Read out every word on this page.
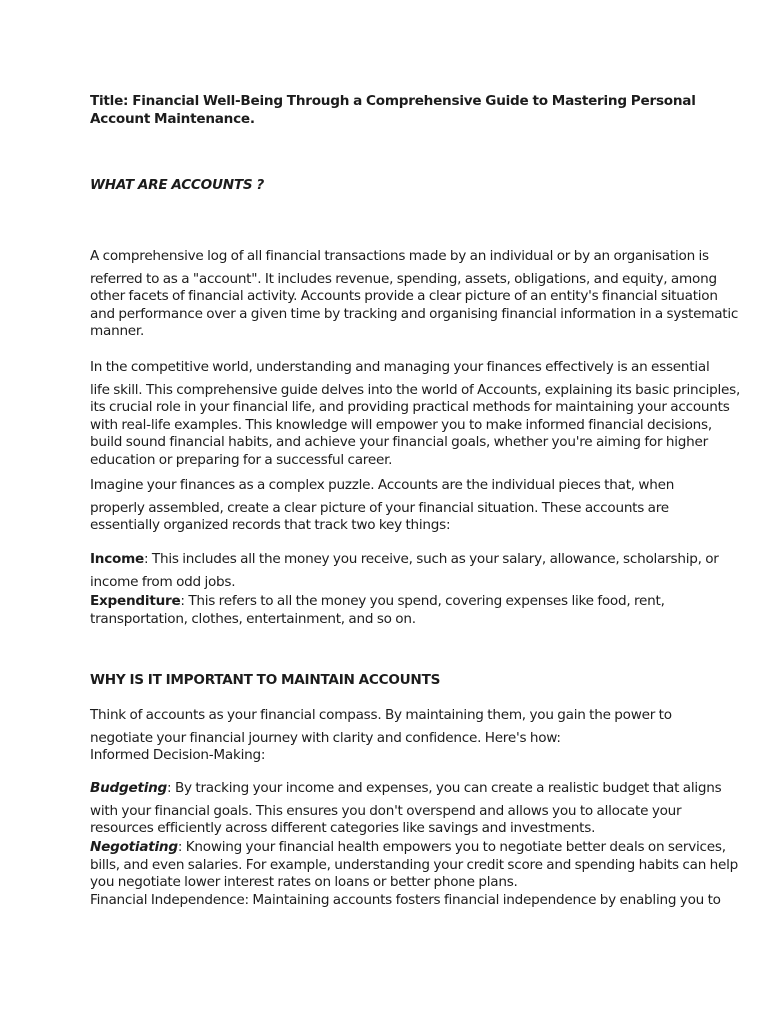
Title: Financial Well-Being Through a Comprehensive Guide to Mastering Personal Account Maintenance.

WHAT ARE ACCOUNTS ?

A comprehensive log of all financial transactions made by an individual or by an organisation is
referred to as a "account". It includes revenue, spending, assets, obligations, and equity, among other facets of financial activity. Accounts provide a clear picture of an entity's financial situation and performance over a given time by tracking and organising financial information in a systematic manner.

In the competitive world, understanding and managing your finances effectively is an essential
life skill. This comprehensive guide delves into the world of Accounts, explaining its basic principles, its crucial role in your financial life, and providing practical methods for maintaining your accounts with real-life examples. This knowledge will empower you to make informed financial decisions, build sound financial habits, and achieve your financial goals, whether you're aiming for higher education or preparing for a successful career.

Imagine your finances as a complex puzzle. Accounts are the individual pieces that, when
properly assembled, create a clear picture of your financial situation. These accounts are essentially organized records that track two key things:

Income: This includes all the money you receive, such as your salary, allowance, scholarship, or
income from odd jobs.

Expenditure: This refers to all the money you spend, covering expenses like food, rent, transportation, clothes, entertainment, and so on.

WHY IS IT IMPORTANT TO MAINTAIN ACCOUNTS

Think of accounts as your financial compass. By maintaining them, you gain the power to
negotiate your financial journey with clarity and confidence. Here's how:
Informed Decision-Making:

Budgeting: By tracking your income and expenses, you can create a realistic budget that aligns
with your financial goals. This ensures you don't overspend and allows you to allocate your resources efficiently across different categories like savings and investments.

Negotiating: Knowing your financial health empowers you to negotiate better deals on services, bills, and even salaries. For example, understanding your credit score and spending habits can help you negotiate lower interest rates on loans or better phone plans.

Financial Independence: Maintaining accounts fosters financial independence by enabling you to
